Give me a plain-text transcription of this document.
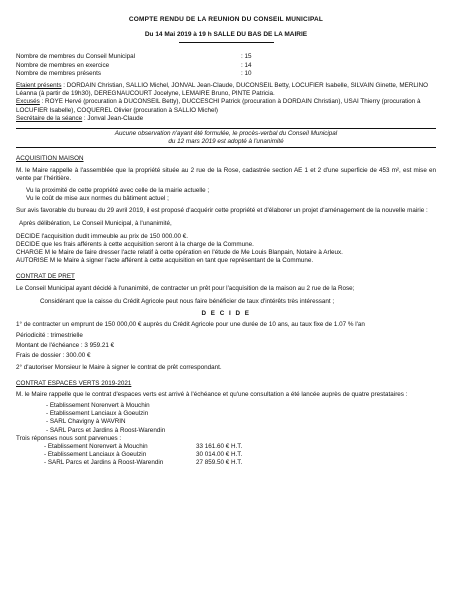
COMPTE RENDU DE LA REUNION DU CONSEIL MUNICIPAL
Du 14 Mai 2019 à 19 h SALLE DU BAS DE LA MAIRIE
Nombre de membres du Conseil Municipal	: 15
Nombre de membres en exercice	: 14
Nombre de membres présents	: 10

Etaient présents : DORDAIN Christian, SALLIO Michel, JONVAL Jean-Claude, DUCONSEIL Betty, LOCUFIER Isabelle, SILVAIN Ginette, MERLINO Léanna (à partir de 19h30), DEREGNAUCOURT Jocelyne, LEMAIRE Bruno, PINTE Patricia.

Excusés : ROYE Hervé (procuration à DUCONSEIL Betty), DUCCESCHI Patrick (procuration à DORDAIN Christian), USAI Thierry (procuration à LOCUFIER Isabelle), COQUEREL Olivier (procuration à SALLIO Michel)

Secrétaire de la séance : Jonval Jean-Claude

Aucune observation n'ayant été formulée, le procès-verbal du Conseil Municipal
du 12 mars 2019 est adopté à l'unanimité
ACQUISITION MAISON

M. le Maire rappelle à l'assemblée que la propriété située au 2 rue de la Rose, cadastrée section AE 1 et 2 d'une superficie de 453 m², est mise en vente par l'héritière.

Vu la proximité de cette propriété avec celle de la mairie actuelle ;

Vu le coût de mise aux normes du bâtiment actuel ;

Sur avis favorable du bureau du 29 avril 2019, il est proposé d'acquérir cette propriété et d'élaborer un projet d'aménagement de la nouvelle mairie :

Après délibération, Le Conseil Municipal, à l'unanimité,

DECIDE l'acquisition dudit immeuble au prix de 150 000.00 €.

DECIDE que les frais afférents à cette acquisition seront à la charge de la Commune.

CHARGE M le Maire de faire dresser l'acte relatif à cette opération en l'étude de Me Louis Blanpain, Notaire à Arleux.

AUTORISE M le Maire à signer l'acte afférent à cette acquisition en tant que représentant de la Commune.

CONTRAT DE PRET

Le Conseil Municipal ayant décidé à l'unanimité, de contracter un prêt pour l'acquisition de la maison au 2 rue de la Rose;

Considérant que la caisse du Crédit Agricole peut nous faire bénéficier de taux d'intérêts très intéressant ;

D E C I D E

1° de contracter un emprunt de 150 000,00 € auprès du Crédit Agricole pour une durée de 10 ans, au taux fixe de 1.07 % l'an

Périodicité : trimestrielle

Montant de l'échéance : 3 959.21 €

Frais de dossier : 300.00 €

2° d'autoriser Monsieur le Maire à signer le contrat de prêt correspondant.

CONTRAT ESPACES VERTS 2019-2021

M. le Maire rappelle que le contrat d'espaces verts est arrivé à l'échéance et qu'une consultation a été lancée auprès de quatre prestataires :

- Etablissement Norenvert à Mouchin

- Etablissement Lanciaux à Goeulzin

- SARL Chavigny à WAVRIN

- SARL Parcs et Jardins à Roost-Warendin

Trois réponses nous sont parvenues :

- Etablissement Norenvert à Mouchin	33 161.60 € H.T.
- Etablissement Lanciaux à Goeulzin	30 014.00 € H.T.
- SARL Parcs et Jardins à Roost-Warendin	27 859.50 € H.T.
